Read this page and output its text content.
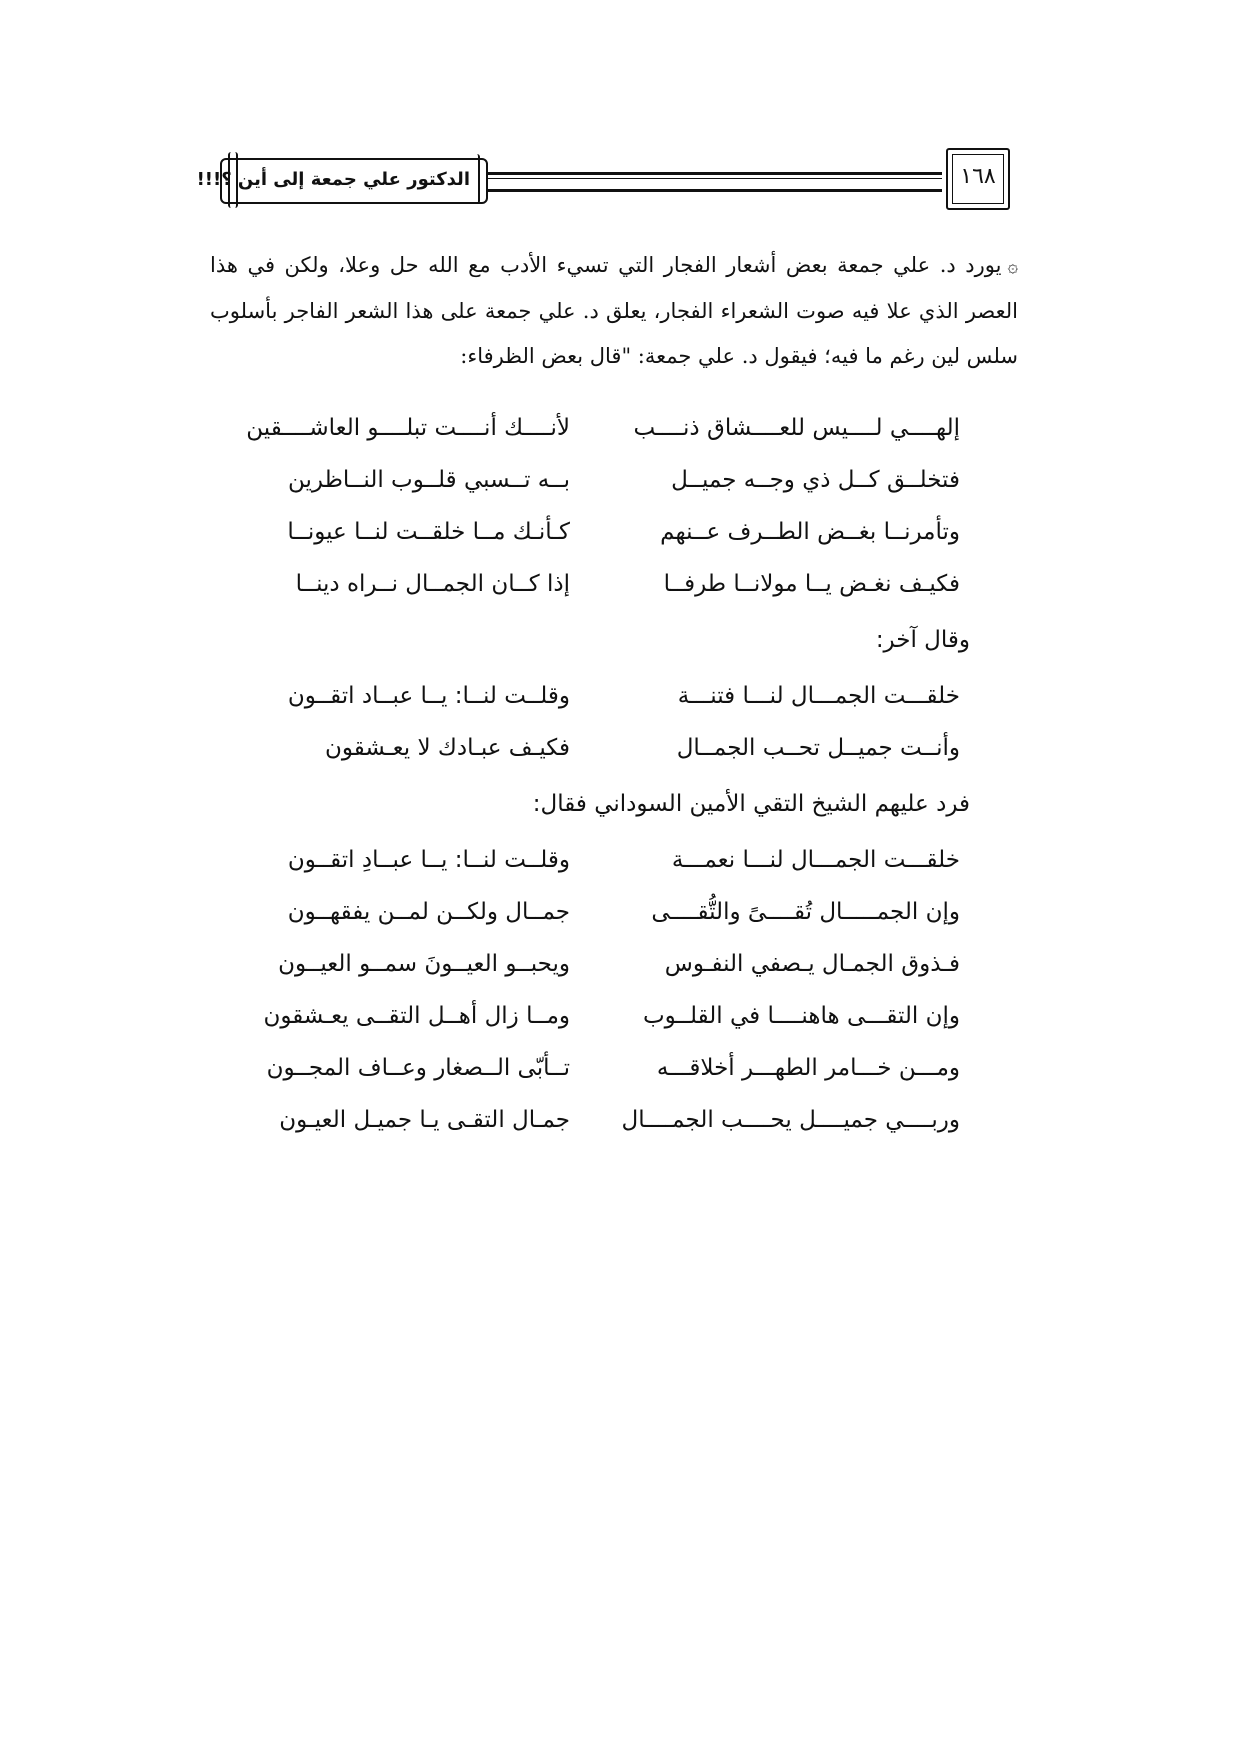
الدكتور علي جمعة إلى أين ؟!!!	١٦٨

۞يورد د. علي جمعة بعض أشعار الفجار التي تسيء الأدب مع الله حل وعلا، ولكن في هذا العصر الذي علا فيه صوت الشعراء الفجار، يعلق د. علي جمعة على هذا الشعر الفاجر بأسلوب سلس لين رغم ما فيه؛ فيقول د. علي جمعة: "قال بعض الظرفاء:

إلهــــي لــــيس للعــــشاق ذنــــب
لأنــــك أنــــت تبلــــو العاشــــقين
فتخلــق كــل ذي وجــه جميــل
بــه تــسبي قلــوب النــاظرين
وتأمرنــا بغــض الطــرف عــنهم
كـأنـك مــا خلقــت لنــا عيونــا
فكيـف نغـض يــا مولانــا طرفــا
إذا كــان الجمــال نــراه دينــا
وقال آخر:
خلقـــت الجمـــال لنـــا فتنـــة
وقلــت لنــا: يــا عبــاد اتقــون
وأنــت جميــل تحــب الجمــال
فكيـف عبـادك لا يعـشقون
فرد عليهم الشيخ التقي الأمين السوداني فقال:
خلقـــت الجمـــال لنـــا نعمـــة
وقلــت لنــا: يــا عبــادِ اتقــون
وإن الجمـــــال تُقــــىً والتُّقــــى
جمــال ولكــن لمــن يفقهــون
فـذوق الجمـال يـصفي النفـوس
ويحبــو العيــونَ سمــو العيــون
وإن التقـــى هاهنــــا في القلــوب
ومــا زال أهــل التقــى يعـشقون
ومـــن خـــامر الطهـــر أخلاقـــه
تــأبّى الــصغار وعــاف المجــون
وربــــي جميــــل يحــــب الجمــــال
جمـال التقـى يـا جميـل العيـون
